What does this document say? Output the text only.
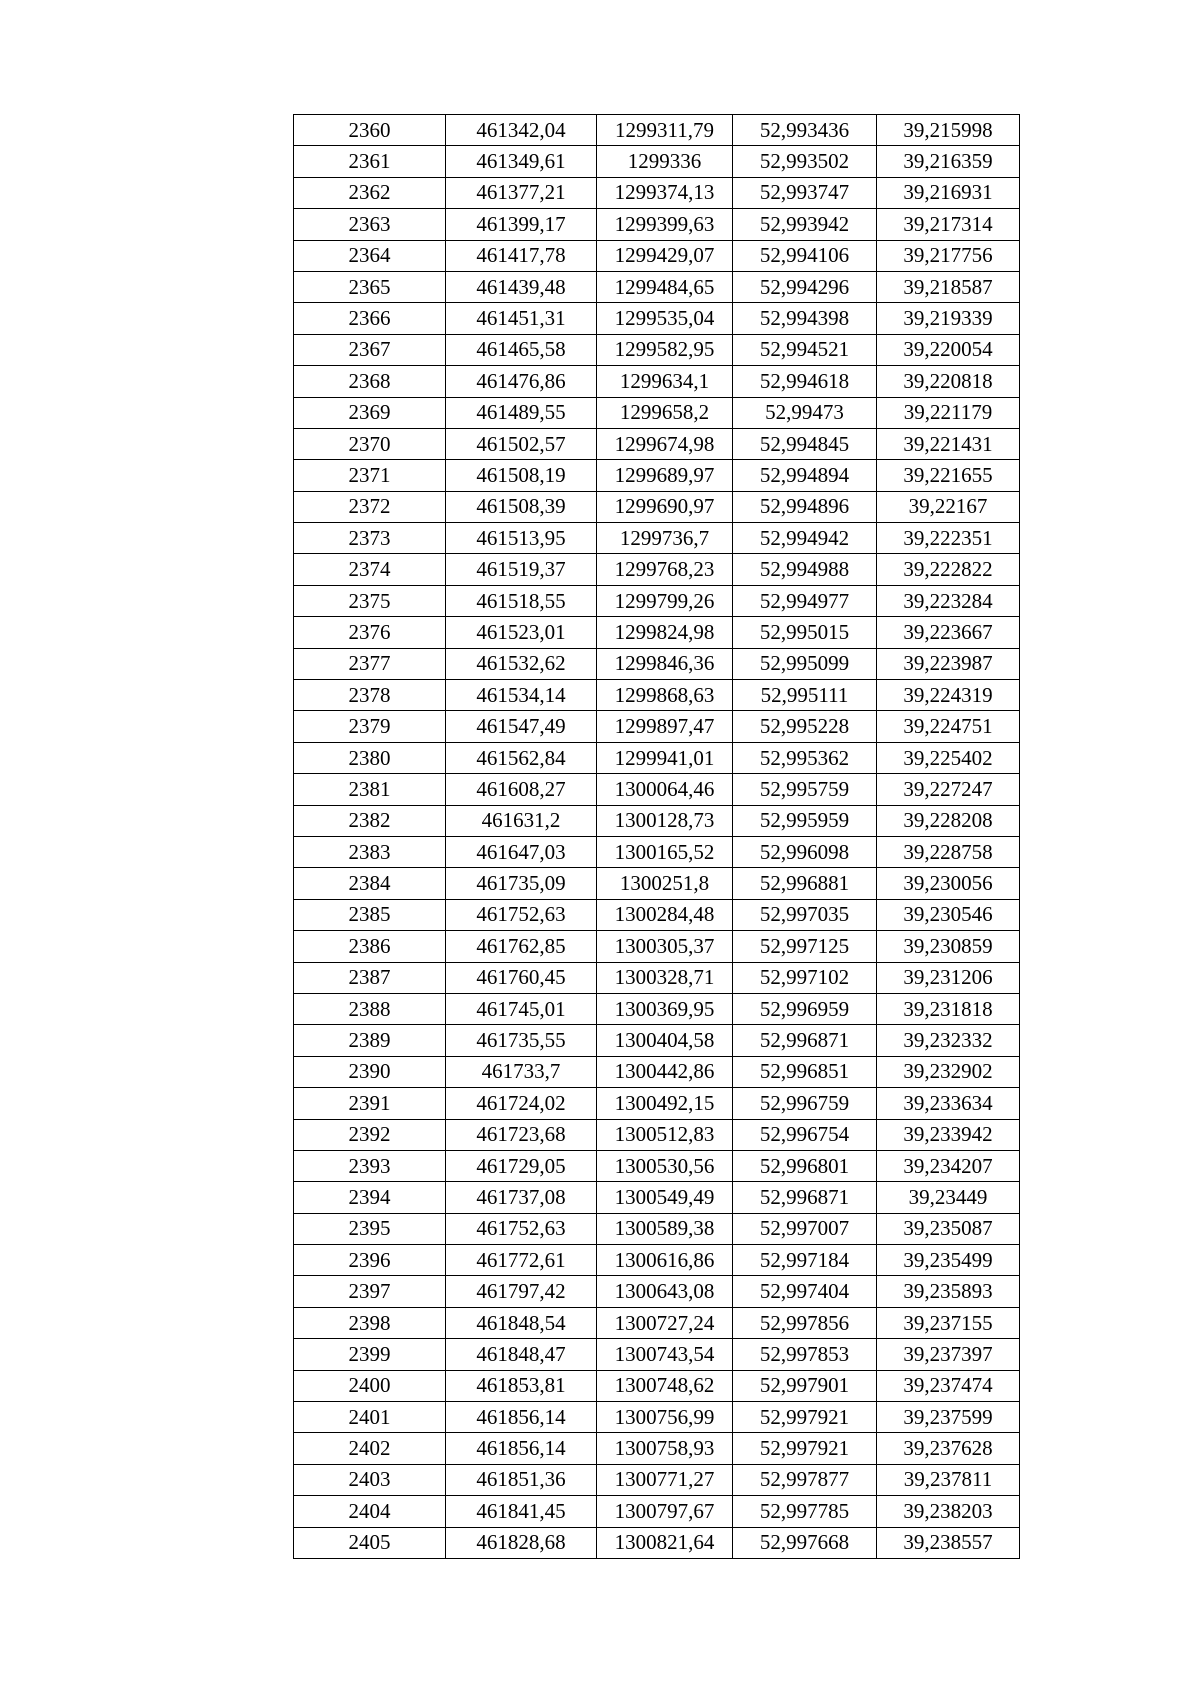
2360	461342,04	1299311,79	52,993436	39,215998
2361	461349,61	1299336	52,993502	39,216359
2362	461377,21	1299374,13	52,993747	39,216931
2363	461399,17	1299399,63	52,993942	39,217314
2364	461417,78	1299429,07	52,994106	39,217756
2365	461439,48	1299484,65	52,994296	39,218587
2366	461451,31	1299535,04	52,994398	39,219339
2367	461465,58	1299582,95	52,994521	39,220054
2368	461476,86	1299634,1	52,994618	39,220818
2369	461489,55	1299658,2	52,99473	39,221179
2370	461502,57	1299674,98	52,994845	39,221431
2371	461508,19	1299689,97	52,994894	39,221655
2372	461508,39	1299690,97	52,994896	39,22167
2373	461513,95	1299736,7	52,994942	39,222351
2374	461519,37	1299768,23	52,994988	39,222822
2375	461518,55	1299799,26	52,994977	39,223284
2376	461523,01	1299824,98	52,995015	39,223667
2377	461532,62	1299846,36	52,995099	39,223987
2378	461534,14	1299868,63	52,995111	39,224319
2379	461547,49	1299897,47	52,995228	39,224751
2380	461562,84	1299941,01	52,995362	39,225402
2381	461608,27	1300064,46	52,995759	39,227247
2382	461631,2	1300128,73	52,995959	39,228208
2383	461647,03	1300165,52	52,996098	39,228758
2384	461735,09	1300251,8	52,996881	39,230056
2385	461752,63	1300284,48	52,997035	39,230546
2386	461762,85	1300305,37	52,997125	39,230859
2387	461760,45	1300328,71	52,997102	39,231206
2388	461745,01	1300369,95	52,996959	39,231818
2389	461735,55	1300404,58	52,996871	39,232332
2390	461733,7	1300442,86	52,996851	39,232902
2391	461724,02	1300492,15	52,996759	39,233634
2392	461723,68	1300512,83	52,996754	39,233942
2393	461729,05	1300530,56	52,996801	39,234207
2394	461737,08	1300549,49	52,996871	39,23449
2395	461752,63	1300589,38	52,997007	39,235087
2396	461772,61	1300616,86	52,997184	39,235499
2397	461797,42	1300643,08	52,997404	39,235893
2398	461848,54	1300727,24	52,997856	39,237155
2399	461848,47	1300743,54	52,997853	39,237397
2400	461853,81	1300748,62	52,997901	39,237474
2401	461856,14	1300756,99	52,997921	39,237599
2402	461856,14	1300758,93	52,997921	39,237628
2403	461851,36	1300771,27	52,997877	39,237811
2404	461841,45	1300797,67	52,997785	39,238203
2405	461828,68	1300821,64	52,997668	39,238557
